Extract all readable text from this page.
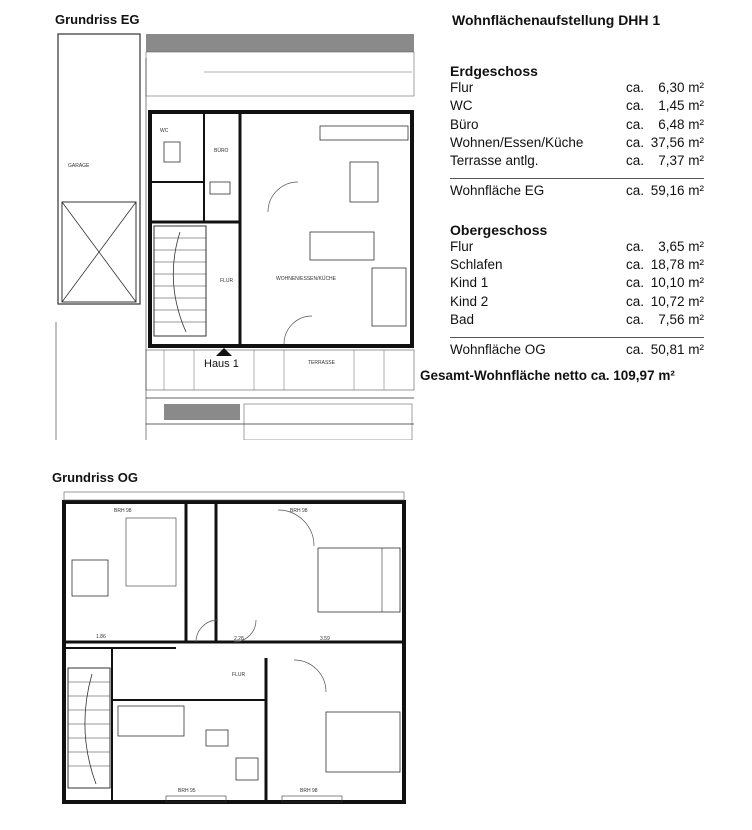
Grundriss EG
GARAGE
WOHNEN/ESSEN/KÜCHE
FLUR
WC
BÜRO
TERRASSE
Haus 1
Grundriss OG
BRH 98	BRH 98
3.59
2.28
1.86
BRH 95	BRH 98
FLUR
Wohnflächenaufstellung DHH 1
Erdgeschoss
Flur	ca. 6,30 m²
WC	ca. 1,45 m²
Büro	ca. 6,48 m²
Wohnen/Essen/Küche	ca. 37,56 m²
Terrasse antlg.	ca. 7,37 m²
Wohnfläche EG	ca. 59,16 m²
Obergeschoss
Flur	ca. 3,65 m²
Schlafen	ca. 18,78 m²
Kind 1	ca. 10,10 m²
Kind 2	ca. 10,72 m²
Bad	ca. 7,56 m²
Wohnfläche OG	ca. 50,81 m²
Gesamt-Wohnfläche netto ca. 109,97 m²
